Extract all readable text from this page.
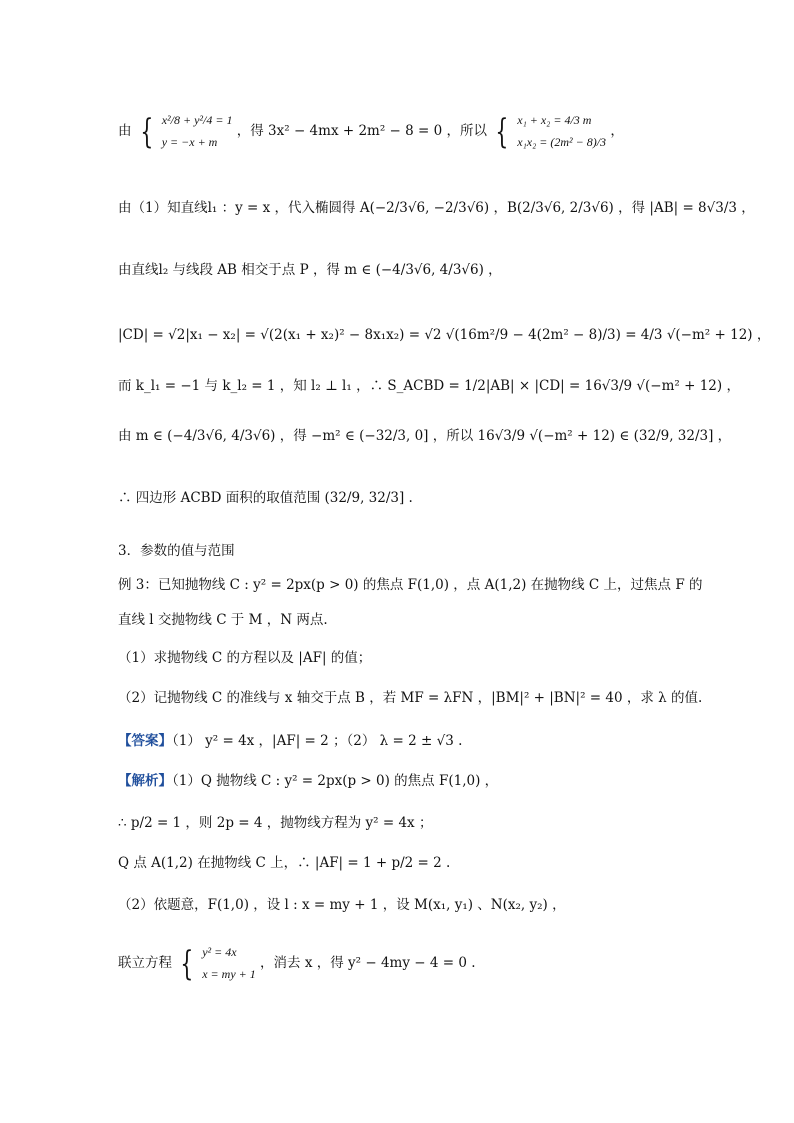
由 { x²/8 + y²/4 = 1
y = −x + m ，得 3x² − 4mx + 2m² − 8 = 0 ，所以 { x₁ + x₂ = 4/3 m
x₁x₂ = (2m² − 8)/3 ，
由（1）知直线l₁ ：y = x ，代入椭圆得 A(−2/3√6, −2/3√6) ，B(2/3√6, 2/3√6) ，得 |AB| = 8√3/3 ，
由直线l₂ 与线段 AB 相交于点 P ，得 m ∈ (−4/3√6, 4/3√6) ，
|CD| = √2|x₁ − x₂| = √(2(x₁ + x₂)² − 8x₁x₂) = √2 √(16m²/9 − 4(2m² − 8)/3) = 4/3 √(−m² + 12) ，
而 k_l₁ = −1 与 k_l₂ = 1 ，知 l₂ ⊥ l₁ ，∴ S_ACBD = 1/2|AB| × |CD| = 16√3/9 √(−m² + 12) ，
由 m ∈ (−4/3√6, 4/3√6) ，得 −m² ∈ (−32/3, 0] ，所以 16√3/9 √(−m² + 12) ∈ (32/9, 32/3] ，
∴ 四边形 ACBD 面积的取值范围 (32/9, 32/3] .
3．参数的值与范围
例 3：已知抛物线 C : y² = 2px(p > 0) 的焦点 F(1,0) ，点 A(1,2) 在抛物线 C 上，过焦点 F 的
直线 l 交抛物线 C 于 M ，N 两点.
（1）求抛物线 C 的方程以及 |AF| 的值；
（2）记抛物线 C 的准线与 x 轴交于点 B ，若 MF = λFN ，|BM|² + |BN|² = 40 ，求 λ 的值.
【答案】（1） y² = 4x ，|AF| = 2 ；（2） λ = 2 ± √3 .
【解析】（1）Q 抛物线 C : y² = 2px(p > 0) 的焦点 F(1,0) ，
∴ p/2 = 1 ，则 2p = 4 ，抛物线方程为 y² = 4x ；
Q 点 A(1,2) 在抛物线 C 上，∴ |AF| = 1 + p/2 = 2 .
（2）依题意，F(1,0) ，设 l : x = my + 1 ，设 M(x₁, y₁) 、N(x₂, y₂) ，
联立方程 { y² = 4x
x = my + 1 ，消去 x ，得 y² − 4my − 4 = 0 .
